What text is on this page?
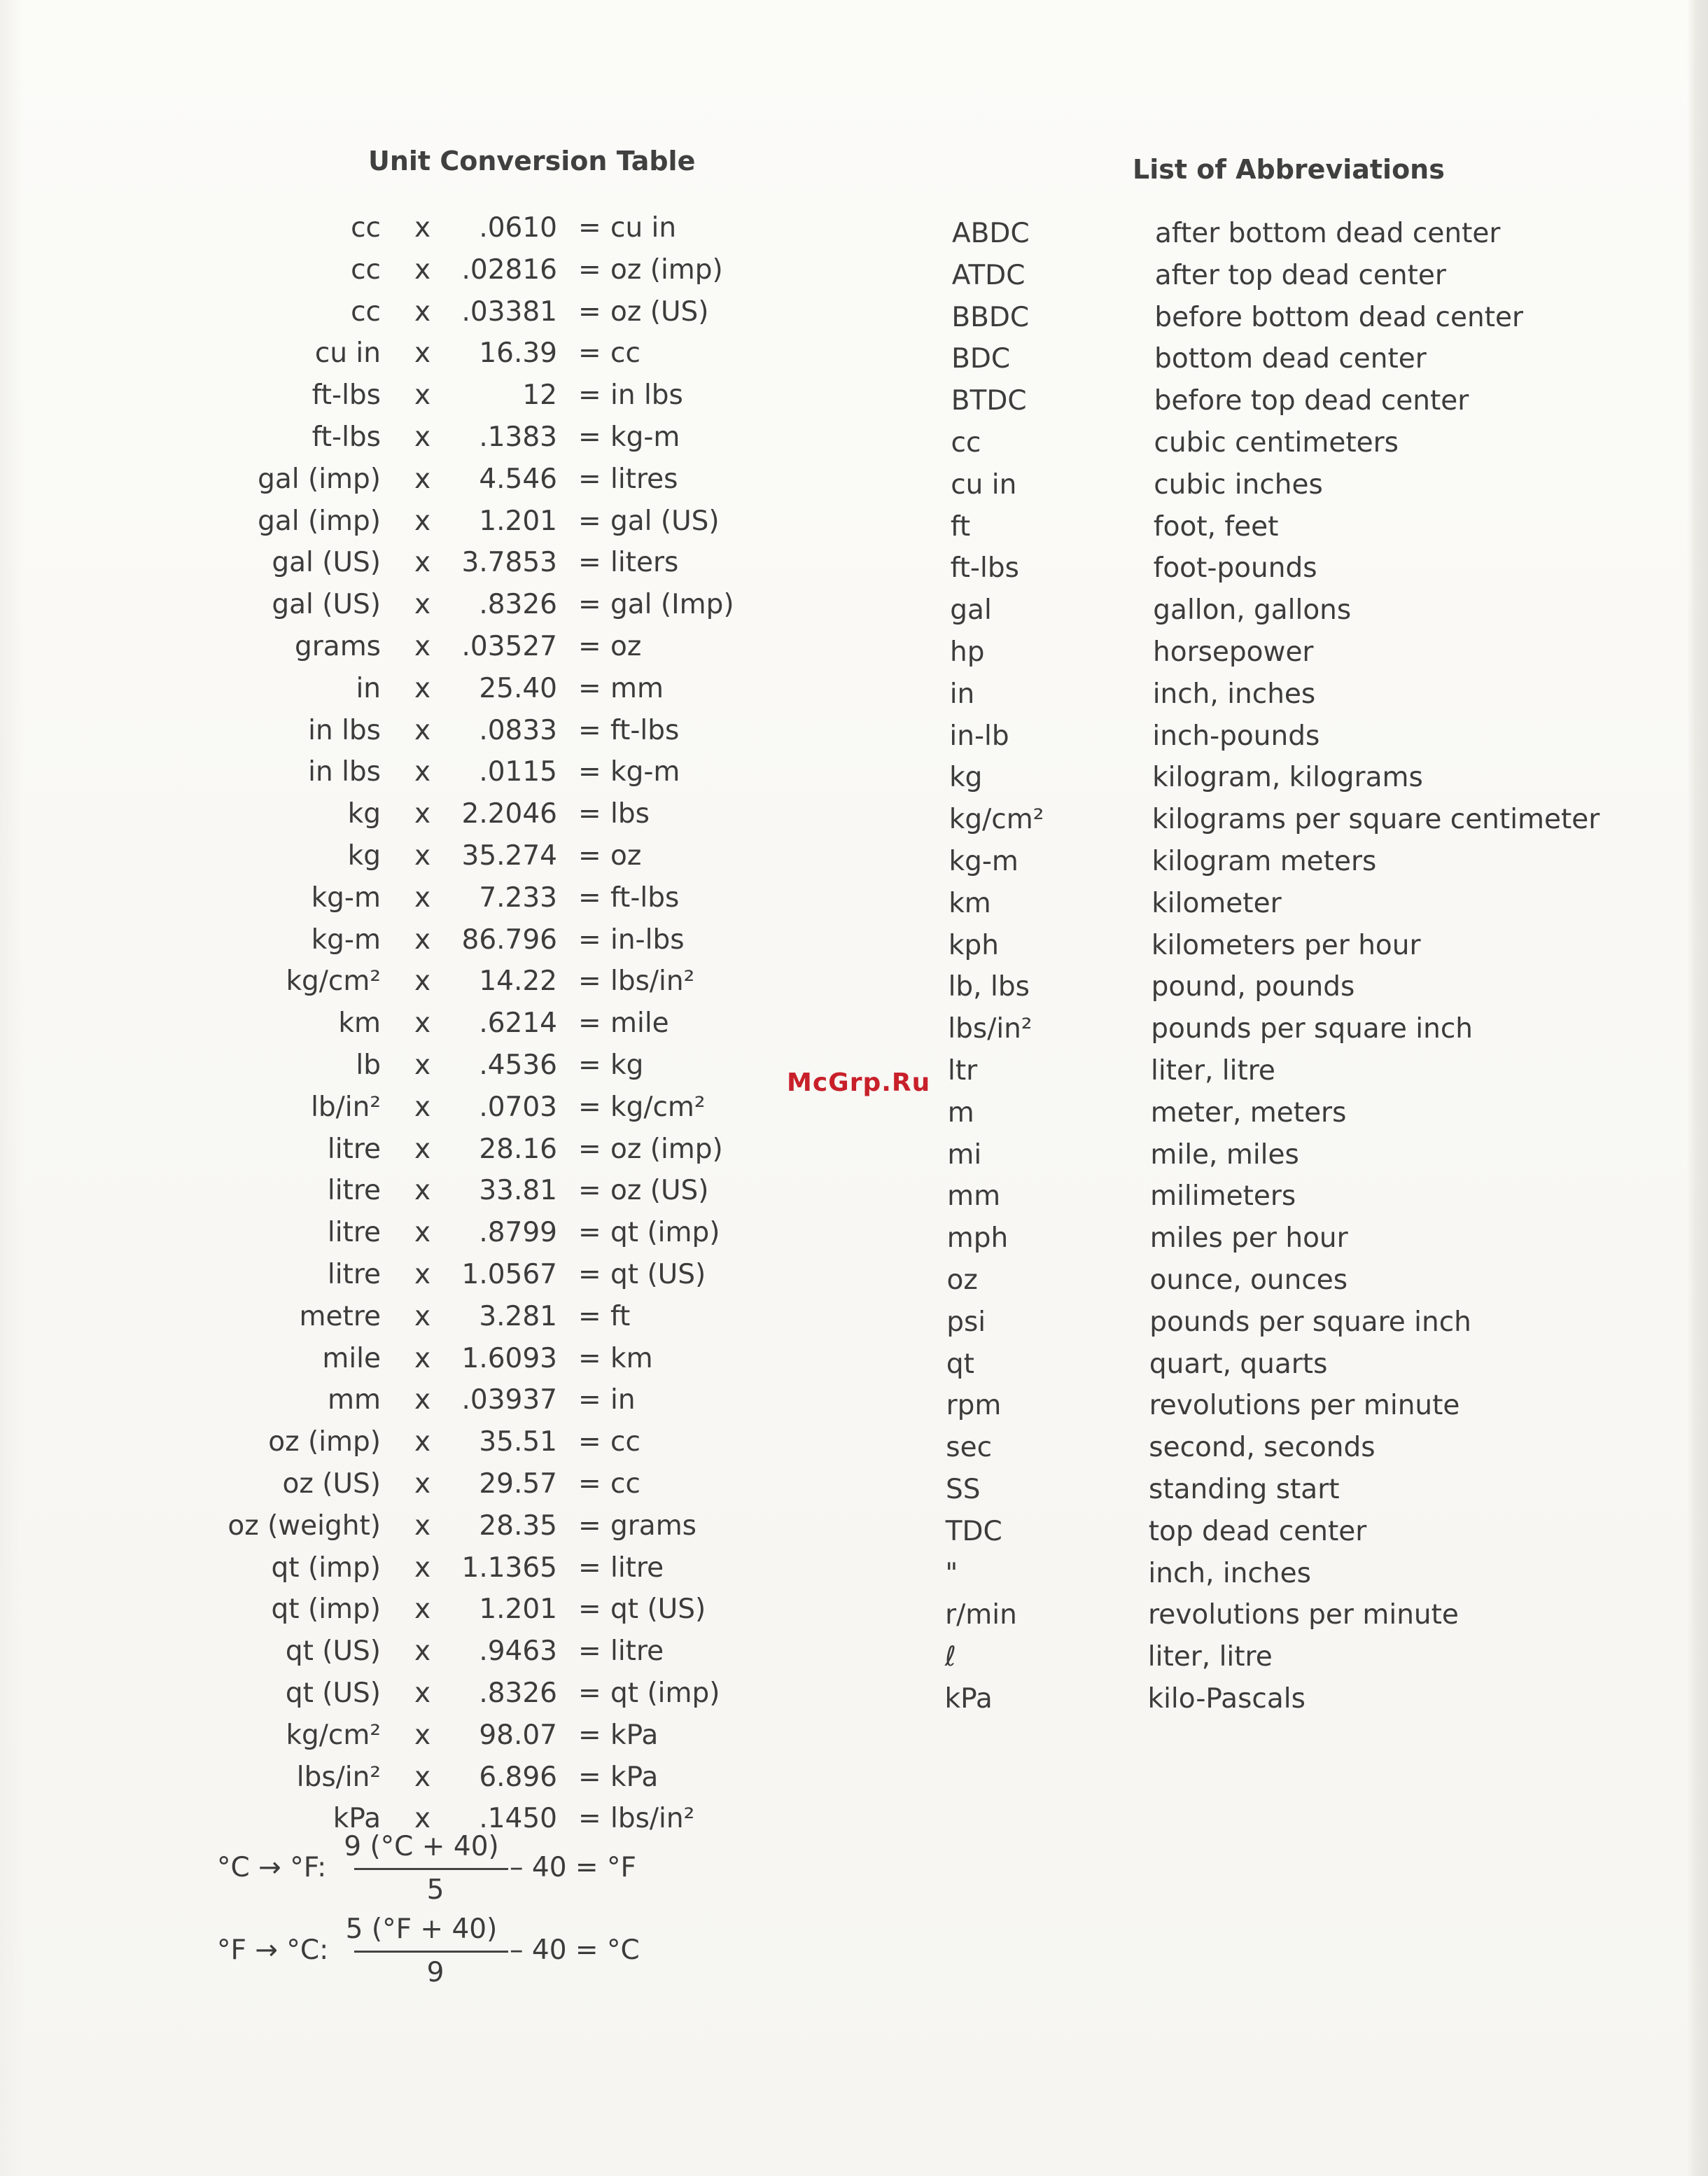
Unit Conversion Table	List of Abbreviations
cc x .0610 = cu in
cc x .02816 = oz (imp)
cc x .03381 = oz (US)
cu in x 16.39 = cc
ft-lbs x	12 = in lbs
ft-lbs x .1383 = kg-m
gal (imp) x 4.546 = litres
gal (imp) x 1.201 = gal (US)
gal (US) x 3.7853 = liters
gal (US) x .8326 = gal (Imp)
grams x .03527 = oz
in x 25.40 = mm
in lbs x .0833 = ft-lbs
in lbs x .0115 = kg-m
kg x 2.2046 = lbs
kg x 35.274 = oz
kg-m x 7.233 = ft-lbs
kg-m x 86.796 = in-lbs
kg/cm² x 14.22 = lbs/in²
km x .6214 = mile
lb x .4536 = kg
lb/in² x .0703 = kg/cm²
litre x 28.16 = oz (imp)
litre x 33.81 = oz (US)
litre x .8799 = qt (imp)
litre x 1.0567 = qt (US)
metre x 3.281 = ft
mile x 1.6093 = km
mm x .03937 = in
oz (imp) x 35.51 = cc
oz (US) x 29.57 = cc
oz (weight) x 28.35 = grams
qt (imp) x 1.1365 = litre
qt (imp) x 1.201 = qt (US)
qt (US) x .9463 = litre
qt (US) x .8326 = qt (imp)
kg/cm² x 98.07 = kPa
lbs/in² x 6.896 = kPa
kPa x .1450 = lbs/in²
ABDC	after bottom dead center
ATDC	after top dead center
BBDC	before bottom dead center
BDC	bottom dead center
BTDC	before top dead center
cc	cubic centimeters
cu in	cubic inches
ft	foot, feet
ft-lbs	foot-pounds
gal	gallon, gallons
hp	horsepower
in	inch, inches
in-lb	inch-pounds
kg	kilogram, kilograms
kg/cm²	kilograms per square centimeter
kg-m	kilogram meters
km	kilometer
kph	kilometers per hour
lb, lbs	pound, pounds
lbs/in²	pounds per square inch
ltr	liter, litre
m	meter, meters
mi	mile, miles
mm	milimeters
mph	miles per hour
oz	ounce, ounces
psi	pounds per square inch
qt	quart, quarts
rpm	revolutions per minute
sec	second, seconds
SS	standing start
TDC	top dead center
"	inch, inches
r/min	revolutions per minute
ℓ	liter, litre
kPa	kilo-Pascals
°C → °F:
9 (°C + 40)
5
– 40 = °F
°F → °C:
5 (°F + 40)
9
– 40 = °C
McGrp.Ru
